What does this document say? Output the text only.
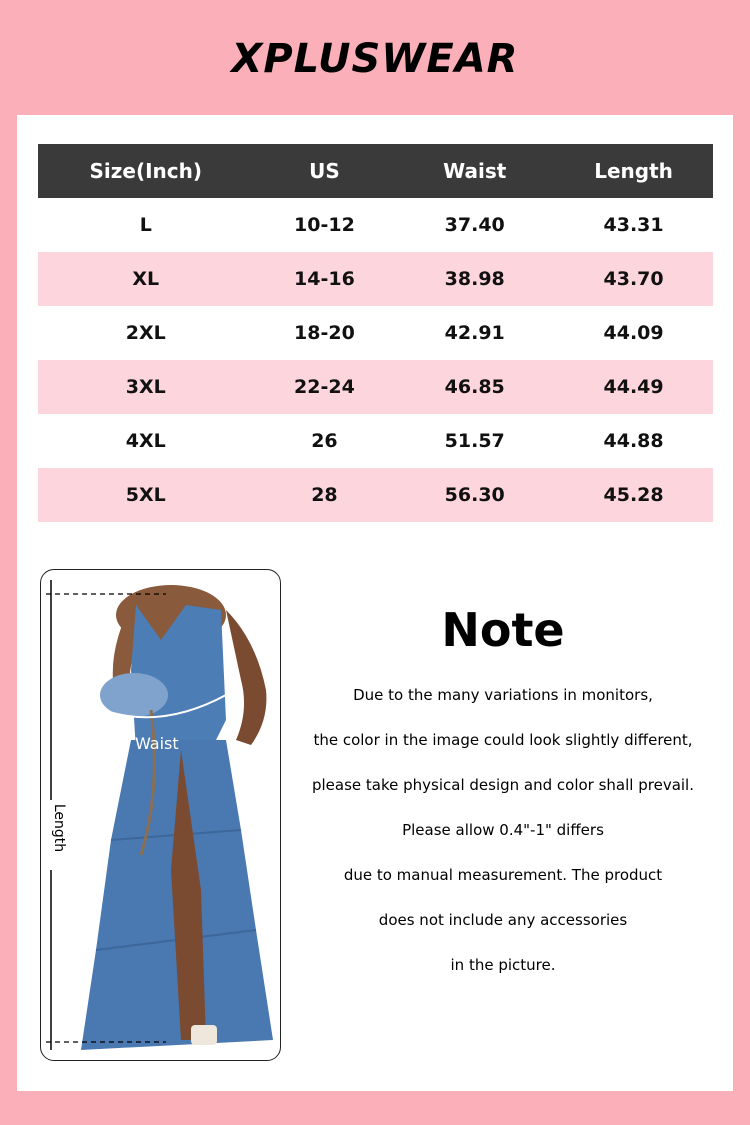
XPLUSWEAR
Size(Inch)	US	Waist	Length
L	10-12	37.40	43.31
XL	14-16	38.98	43.70
2XL	18-20	42.91	44.09
3XL	22-24	46.85	44.49
4XL	26	51.57	44.88
5XL	28	56.30	45.28
Waist
Length
Note
Due to the many variations in monitors,
the color in the image could look slightly different,
please take physical design and color shall prevail.
Please allow 0.4"-1" differs
due to manual measurement. The product
does not include any accessories
in the picture.
